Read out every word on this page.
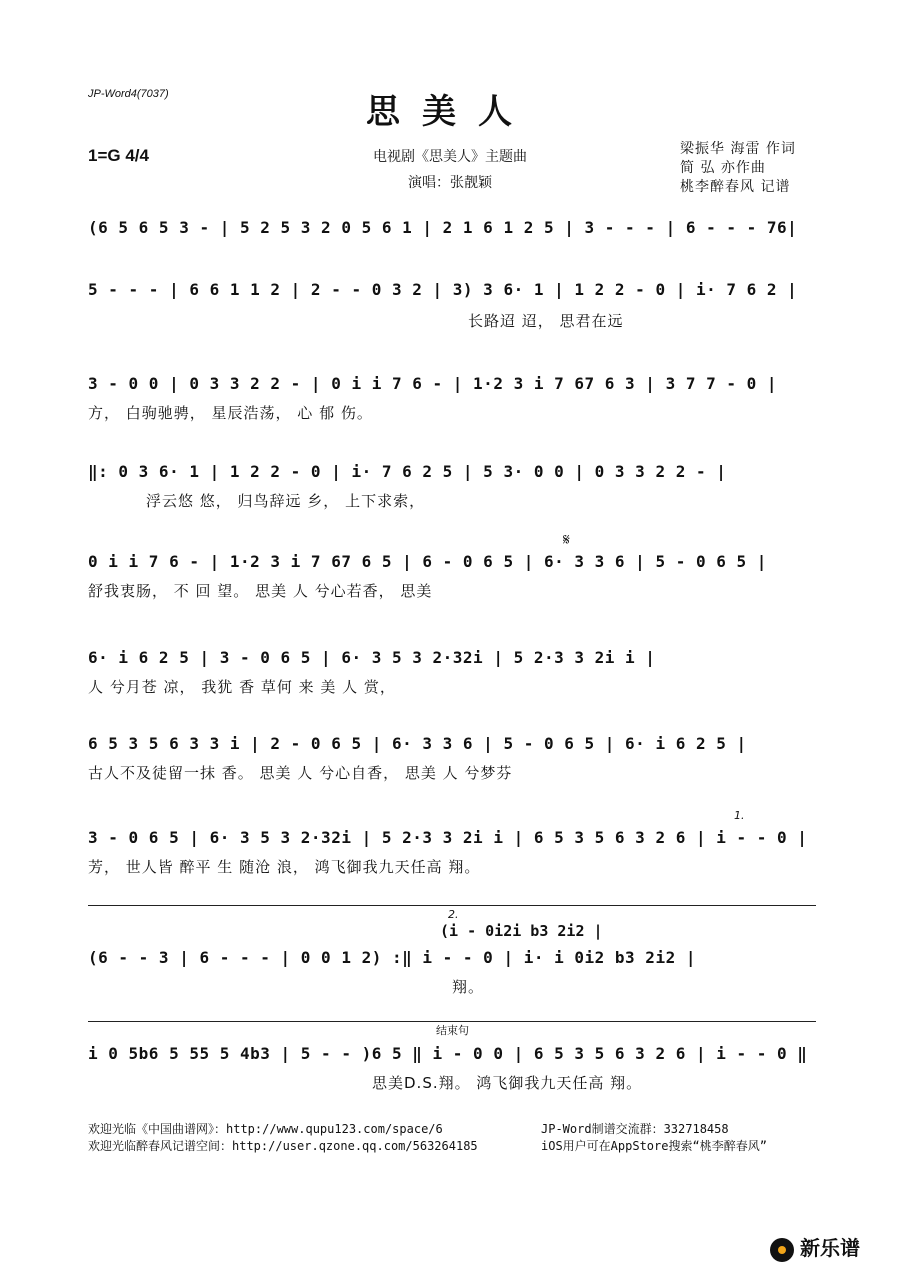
JP-Word4(7037)	思美人
1=G 4/4	电视剧《思美人》主题曲
演唱：张靓颖
梁振华 海雷 作词
简 弘 亦作曲
桃李醉春风 记谱
(6 5 6 5 3 - | 5 2 5 3 2 0 5 6 1 | 2 1 6 1 2 5 | 3 - - - | 6 - - - 76|
5 - - - | 6 6 1 1 2 | 2 - - 0 3 2 | 3) 3 6· 1 | 1 2 2 - 0 | i· 7 6 2 |
长路迢 迢， 思君在远
3 - 0 0 | 0 3 3 2 2 - | 0 i i 7 6 - | 1·2 3 i 7 67 6 3 | 3 7 7 - 0 |
方， 白驹驰骋， 星辰浩荡， 心 郁 伤。
‖: 0 3 6· 1 | 1 2 2 - 0 | i· 7 6 2 5 | 5 3· 0 0 | 0 3 3 2 2 - |
浮云悠 悠， 归鸟辞远 乡， 上下求索，
𝄋
0 i i 7 6 - | 1·2 3 i 7 67 6 5 | 6 - 0 6 5 | 6· 3 3 6 | 5 - 0 6 5 |
舒我衷肠， 不 回 望。 思美 人 兮心若香， 思美
6· i 6 2 5 | 3 - 0 6 5 | 6· 3 5 3 2·32i | 5 2·3 3 2i i |
人 兮月苍 凉， 我犹 香 草何 来 美 人 赏，
6 5 3 5 6 3 3 i | 2 - 0 6 5 | 6· 3 3 6 | 5 - 0 6 5 | 6· i 6 2 5 |
古人不及徒留一抹 香。 思美 人 兮心自香， 思美 人 兮梦芬
1.
3 - 0 6 5 | 6· 3 5 3 2·32i | 5 2·3 3 2i i | 6 5 3 5 6 3 2 6 | i - - 0 |
芳， 世人皆 醉平 生 随沧 浪， 鸿飞御我九天任高 翔。
2.
(i - 0i2i b3 2i2 |
(6 - - 3 | 6 - - - | 0 0 1 2) :‖ i - - 0 | i· i 0i2 b3 2i2 |
翔。
结束句
i 0 5b6 5 55 5 4b3 | 5 - - )6 5 ‖ i - 0 0 | 6 5 3 5 6 3 2 6 | i - - 0 ‖
思美D.S.翔。 鸿飞御我九天任高 翔。
欢迎光临《中国曲谱网》：http://www.qupu123.com/space/6
欢迎光临醉春风记谱空间：http://user.qzone.qq.com/563264185
JP-Word制谱交流群：332718458
iOS用户可在AppStore搜索“桃李醉春风”
新乐谱
